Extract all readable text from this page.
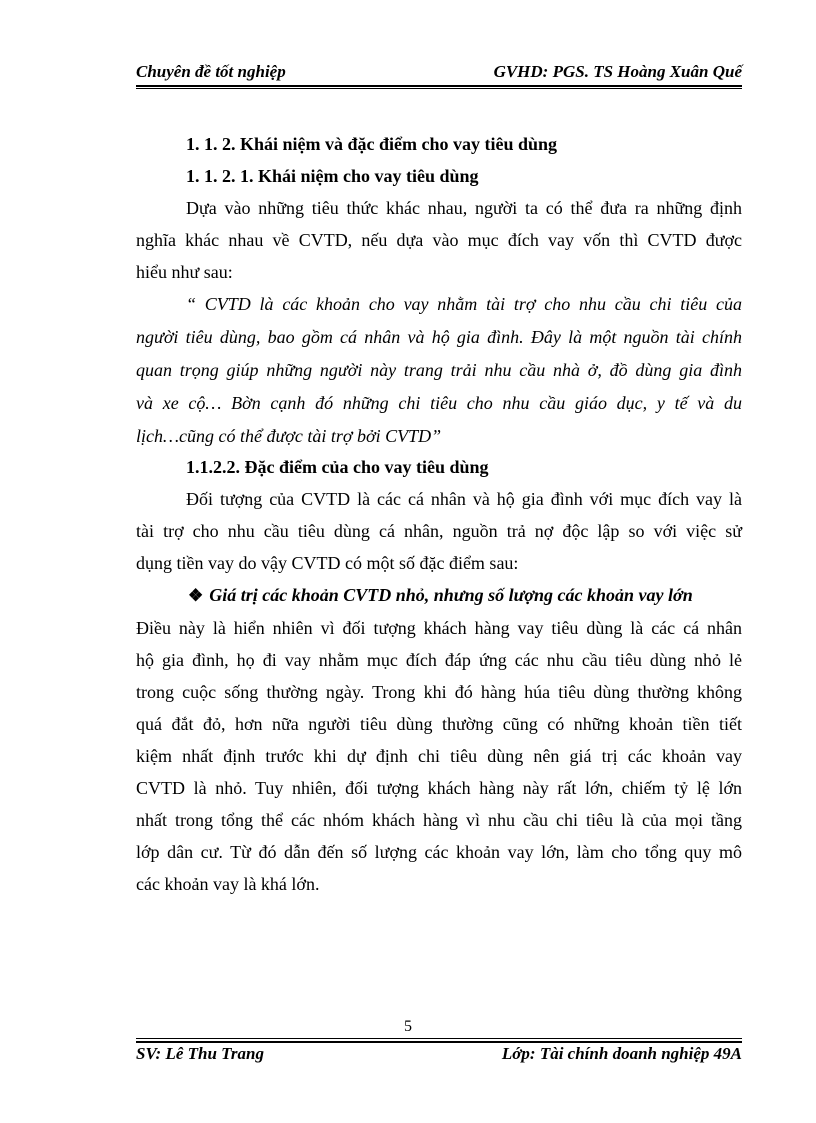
Chuyên đề tốt nghiệp	GVHD: PGS. TS Hoàng Xuân Quế
1. 1. 2. Khái niệm và đặc điểm cho vay tiêu dùng
1. 1. 2. 1. Khái niệm cho vay tiêu dùng
Dựa vào những tiêu thức khác nhau, người ta có thể đưa ra những định
nghĩa khác nhau về CVTD, nếu dựa vào mục đích vay vốn thì CVTD được
hiểu như sau:
“ CVTD là các khoản cho vay nhằm tài trợ cho nhu cầu chi tiêu của
người tiêu dùng, bao gồm cá nhân và hộ gia đình. Đây là một nguồn tài chính
quan trọng giúp những người này trang trải nhu cầu nhà ở, đồ dùng gia đình
và xe cộ… Bờn cạnh đó những chi tiêu cho nhu cầu giáo dục, y tế và du
lịch…cũng có thể được tài trợ bởi CVTD”
1.1.2.2. Đặc điểm của cho vay tiêu dùng
Đối tượng của CVTD là các cá nhân và hộ gia đình với mục đích vay là
tài trợ cho nhu cầu tiêu dùng cá nhân, nguồn trả nợ độc lập so với việc sử
dụng tiền vay do vậy CVTD có một số đặc điểm sau:
❖ Giá trị các khoản CVTD nhỏ, nhưng số lượng các khoản vay lớn
Điều này là hiển nhiên vì đối tượng khách hàng vay tiêu dùng là các cá nhân
hộ gia đình, họ đi vay nhằm mục đích đáp ứng các nhu cầu tiêu dùng nhỏ lẻ
trong cuộc sống thường ngày. Trong khi đó hàng húa tiêu dùng thường không
quá đắt đỏ, hơn nữa người tiêu dùng thường cũng có những khoản tiền tiết
kiệm nhất định trước khi dự định chi tiêu dùng nên giá trị các khoản vay
CVTD là nhỏ. Tuy nhiên, đối tượng khách hàng này rất lớn, chiếm tỷ lệ lớn
nhất trong tổng thể các nhóm khách hàng vì nhu cầu chi tiêu là của mọi tầng
lớp dân cư. Từ đó dẫn đến số lượng các khoản vay lớn, làm cho tổng quy mô
các khoản vay là khá lớn.
5
SV: Lê Thu Trang	Lớp: Tài chính doanh nghiệp 49A
